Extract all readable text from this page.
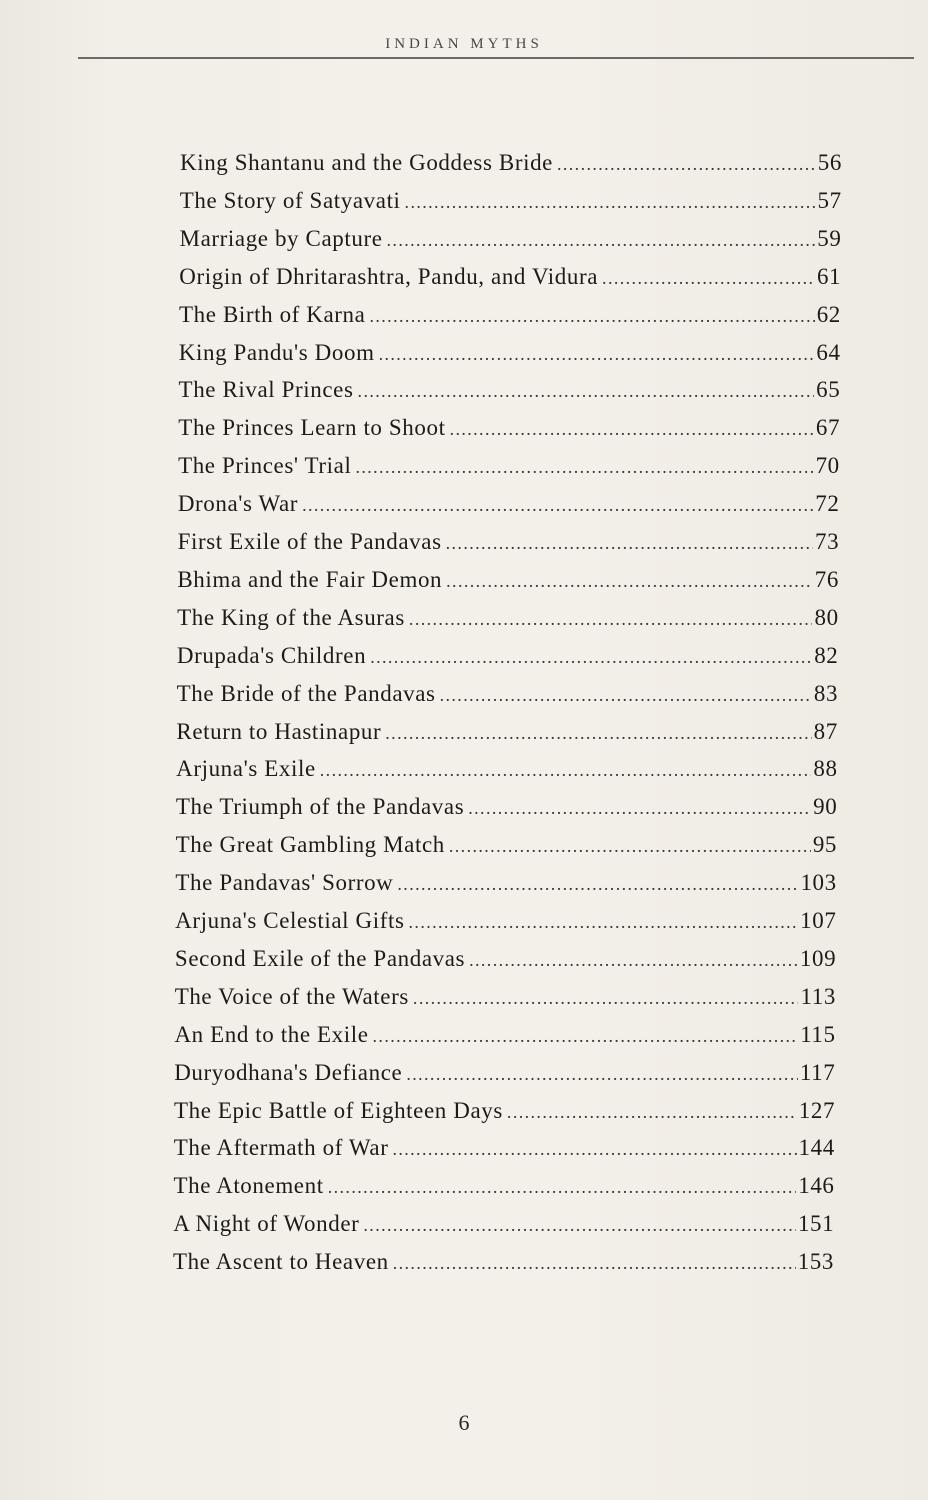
INDIAN MYTHS
King Shantanu and the Goddess Bride .....	56
The Story of Satyavati .....	57
Marriage by Capture .....	59
Origin of Dhritarashtra, Pandu, and Vidura .....	61
The Birth of Karna .....	62
King Pandu's Doom .....	64
The Rival Princes .....	65
The Princes Learn to Shoot .....	67
The Princes' Trial .....	70
Drona's War .....	72
First Exile of the Pandavas .....	73
Bhima and the Fair Demon .....	76
The King of the Asuras .....	80
Drupada's Children .....	82
The Bride of the Pandavas .....	83
Return to Hastinapur .....	87
Arjuna's Exile .....	88
The Triumph of the Pandavas .....	90
The Great Gambling Match .....	95
The Pandavas' Sorrow .....	103
Arjuna's Celestial Gifts .....	107
Second Exile of the Pandavas .....	109
The Voice of the Waters .....	113
An End to the Exile .....	115
Duryodhana's Defiance .....	117
The Epic Battle of Eighteen Days .....	127
The Aftermath of War .....	144
The Atonement .....	146
A Night of Wonder .....	151
The Ascent to Heaven .....	153
6
